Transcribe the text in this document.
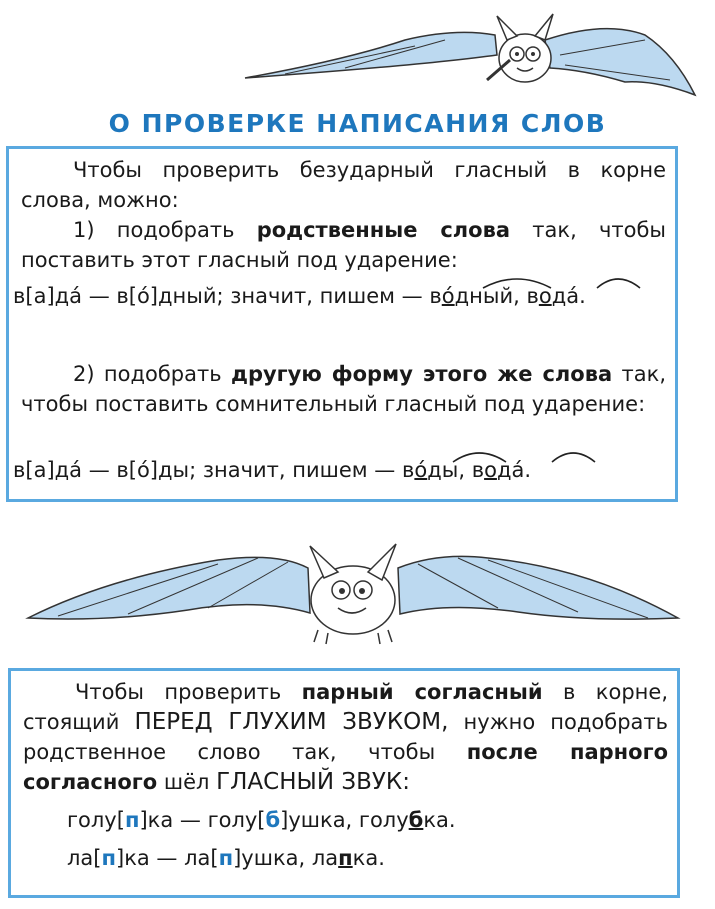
О ПРОВЕРКЕ НАПИСАНИЯ СЛОВ
Чтобы проверить безударный гласный в корне слова, можно:
1) подобрать родственные слова так, чтобы поставить этот гласный под ударение:
в[а]да́ — в[о́]дный; значит, пишем — во́дный, вода́.
2) подобрать другую форму этого же слова так, чтобы поставить сомнительный гласный под ударение:
в[а]да́ — в[о́]ды; значит, пишем — во́ды, вода́.
Чтобы проверить парный согласный в корне, стоящий ПЕРЕД ГЛУХИМ ЗВУКОМ, нужно подобрать родственное слово так, чтобы после парного согласного шёл ГЛАСНЫЙ ЗВУК:
голу[п]ка — голу[б]ушка, голубка.
ла[п]ка — ла[п]ушка, лапка.
